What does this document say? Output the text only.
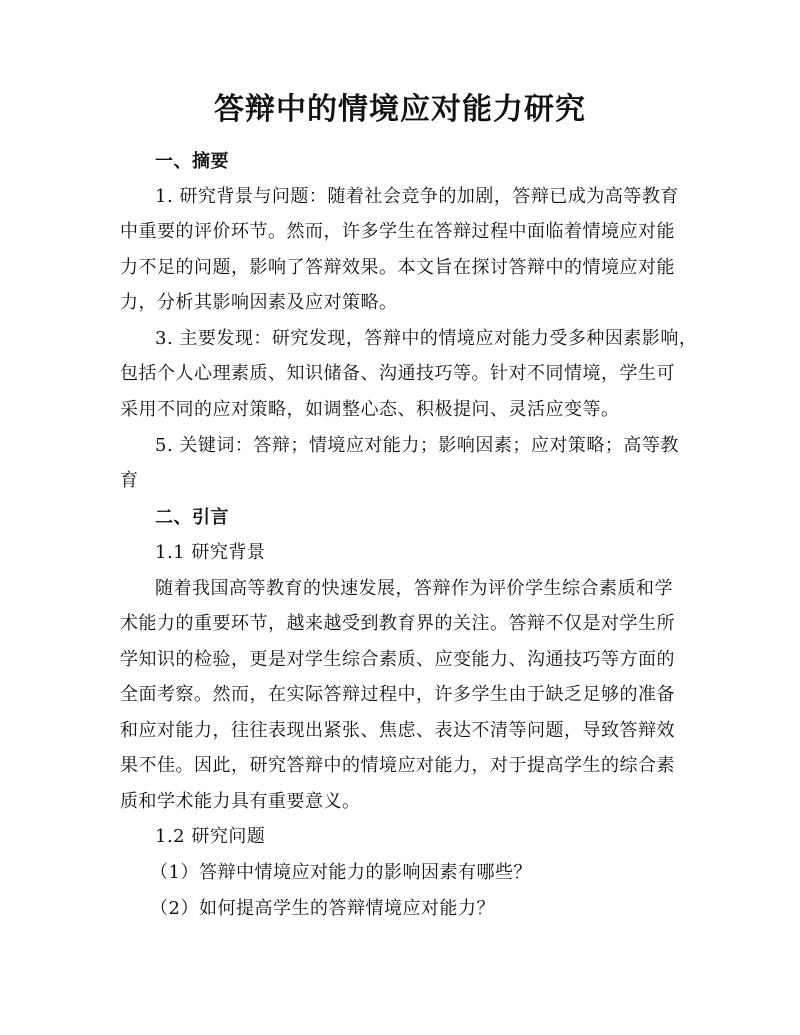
答辩中的情境应对能力研究
一、摘要
1. 研究背景与问题：随着社会竞争的加剧，答辩已成为高等教育
中重要的评价环节。然而，许多学生在答辩过程中面临着情境应对能
力不足的问题，影响了答辩效果。本文旨在探讨答辩中的情境应对能
力，分析其影响因素及应对策略。
3. 主要发现：研究发现，答辩中的情境应对能力受多种因素影响，
包括个人心理素质、知识储备、沟通技巧等。针对不同情境，学生可
采用不同的应对策略，如调整心态、积极提问、灵活应变等。
5. 关键词：答辩；情境应对能力；影响因素；应对策略；高等教
育
二、引言
1.1 研究背景
随着我国高等教育的快速发展，答辩作为评价学生综合素质和学
术能力的重要环节，越来越受到教育界的关注。答辩不仅是对学生所
学知识的检验，更是对学生综合素质、应变能力、沟通技巧等方面的
全面考察。然而，在实际答辩过程中，许多学生由于缺乏足够的准备
和应对能力，往往表现出紧张、焦虑、表达不清等问题，导致答辩效
果不佳。因此，研究答辩中的情境应对能力，对于提高学生的综合素
质和学术能力具有重要意义。
1.2 研究问题
（1）答辩中情境应对能力的影响因素有哪些？
（2）如何提高学生的答辩情境应对能力？
